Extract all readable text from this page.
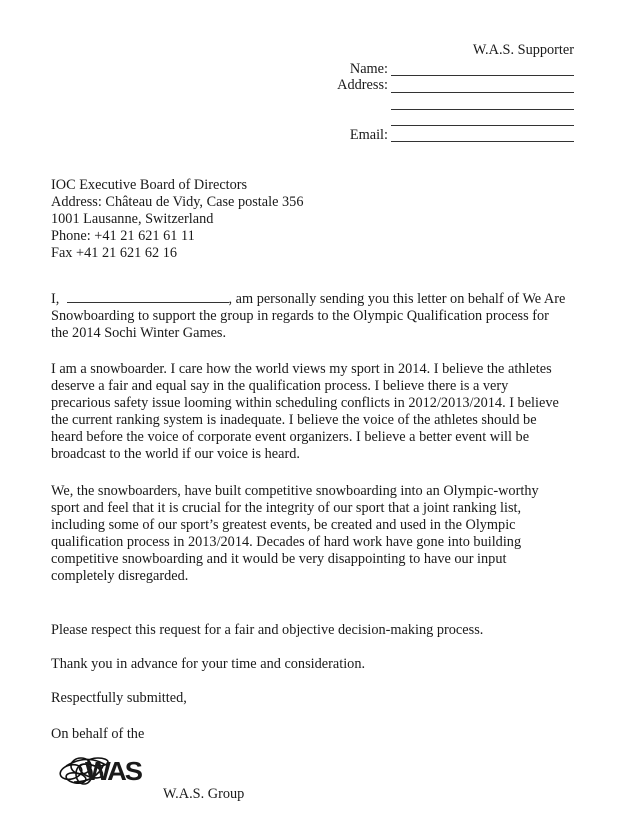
W.A.S. Supporter
Name:
Address:
Email:
IOC Executive Board of Directors
Address: Château de Vidy, Case postale 356
1001 Lausanne, Switzerland
Phone: +41 21 621 61 11
Fax +41 21 621 62 16
I,	, am personally sending you this letter on behalf of We Are
Snowboarding to support the group in regards to the Olympic Qualification process for
the 2014 Sochi Winter Games.
I am a snowboarder. I care how the world views my sport in 2014. I believe the athletes
deserve a fair and equal say in the qualification process. I believe there is a very
precarious safety issue looming within scheduling conflicts in 2012/2013/2014. I believe
the current ranking system is inadequate. I believe the voice of the athletes should be
heard before the voice of corporate event organizers. I believe a better event will be
broadcast to the world if our voice is heard.
We, the snowboarders, have built competitive snowboarding into an Olympic-worthy
sport and feel that it is crucial for the integrity of our sport that a joint ranking list,
including some of our sport’s greatest events, be created and used in the Olympic
qualification process in 2013/2014. Decades of hard work have gone into building
competitive snowboarding and it would be very disappointing to have our input
completely disregarded.
Please respect this request for a fair and objective decision-making process.
Thank you in advance for your time and consideration.
Respectfully submitted,
On behalf of the
WAS
W.A.S. Group
